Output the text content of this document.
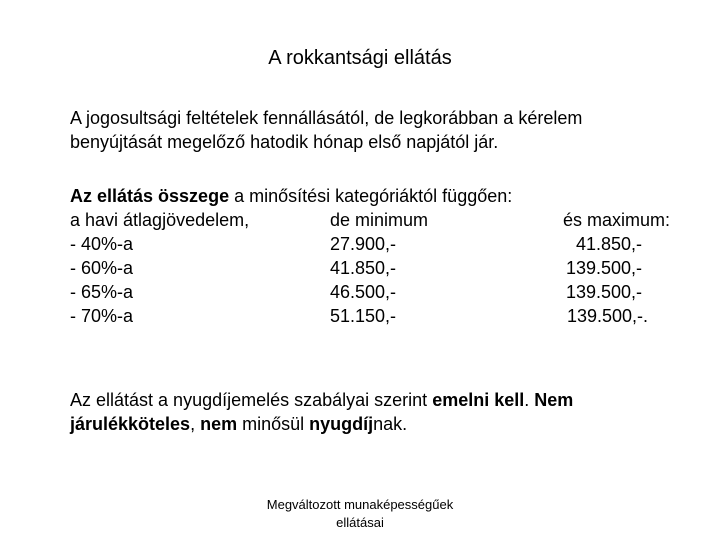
A rokkantsági ellátás

A jogosultsági feltételek fennállásától, de legkorábban a kérelem benyújtását megelőző hatodik hónap első napjától jár.

Az ellátás összege a minősítési kategóriáktól függően:

a havi átlagjövedelem,	de minimum	és maximum:
- 40%-a	27.900,-	41.850,-
- 60%-a	41.850,-	139.500,-
- 65%-a	46.500,-	139.500,-
- 70%-a	51.150,-	139.500,-.

Az ellátást a nyugdíjemelés szabályai szerint emelni kell. Nem járulékköteles, nem minősül nyugdíjnak.

Megváltozott munaképességűek
ellátásai
